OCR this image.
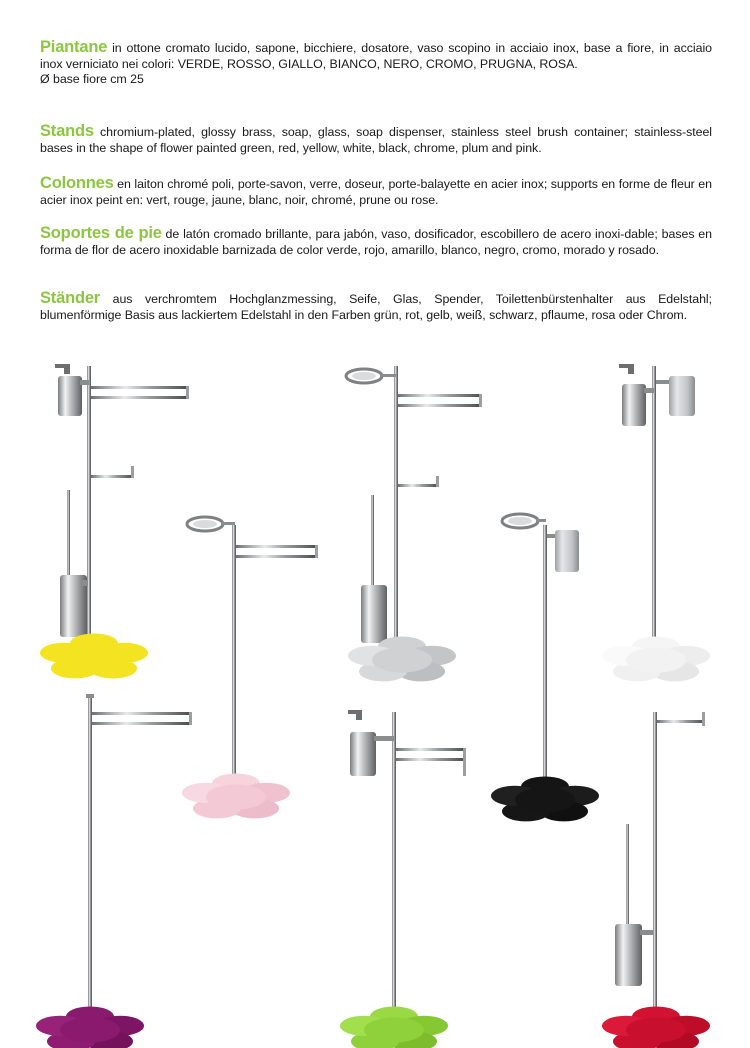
Piantane in ottone cromato lucido, sapone, bicchiere, dosatore, vaso scopino in acciaio inox, base a fiore, in acciaio inox verniciato nei colori: VERDE, ROSSO, GIALLO, BIANCO, NERO, CROMO, PRUGNA, ROSA.
Ø base fiore cm 25

Stands chromium-plated, glossy brass, soap, glass, soap dispenser, stainless steel brush container; stainless-steel bases in the shape of flower painted green, red, yellow, white, black, chrome, plum and pink.

Colonnes en laiton chromé poli, porte-savon, verre, doseur, porte-balayette en acier inox; supports en forme de fleur en acier inox peint en: vert, rouge, jaune, blanc, noir, chromé, prune ou rose.

Soportes de pie de latón cromado brillante, para jabón, vaso, dosificador, escobillero de acero inoxi-dable; bases en forma de flor de acero inoxidable barnizada de color verde, rojo, amarillo, blanco, negro, cromo, morado y rosado.

Ständer aus verchromtem Hochglanzmessing, Seife, Glas, Spender, Toilettenbürstenhalter aus Edelstahl; blumenförmige Basis aus lackiertem Edelstahl in den Farben grün, rot, gelb, weiß, schwarz, pflaume, rosa oder Chrom.
